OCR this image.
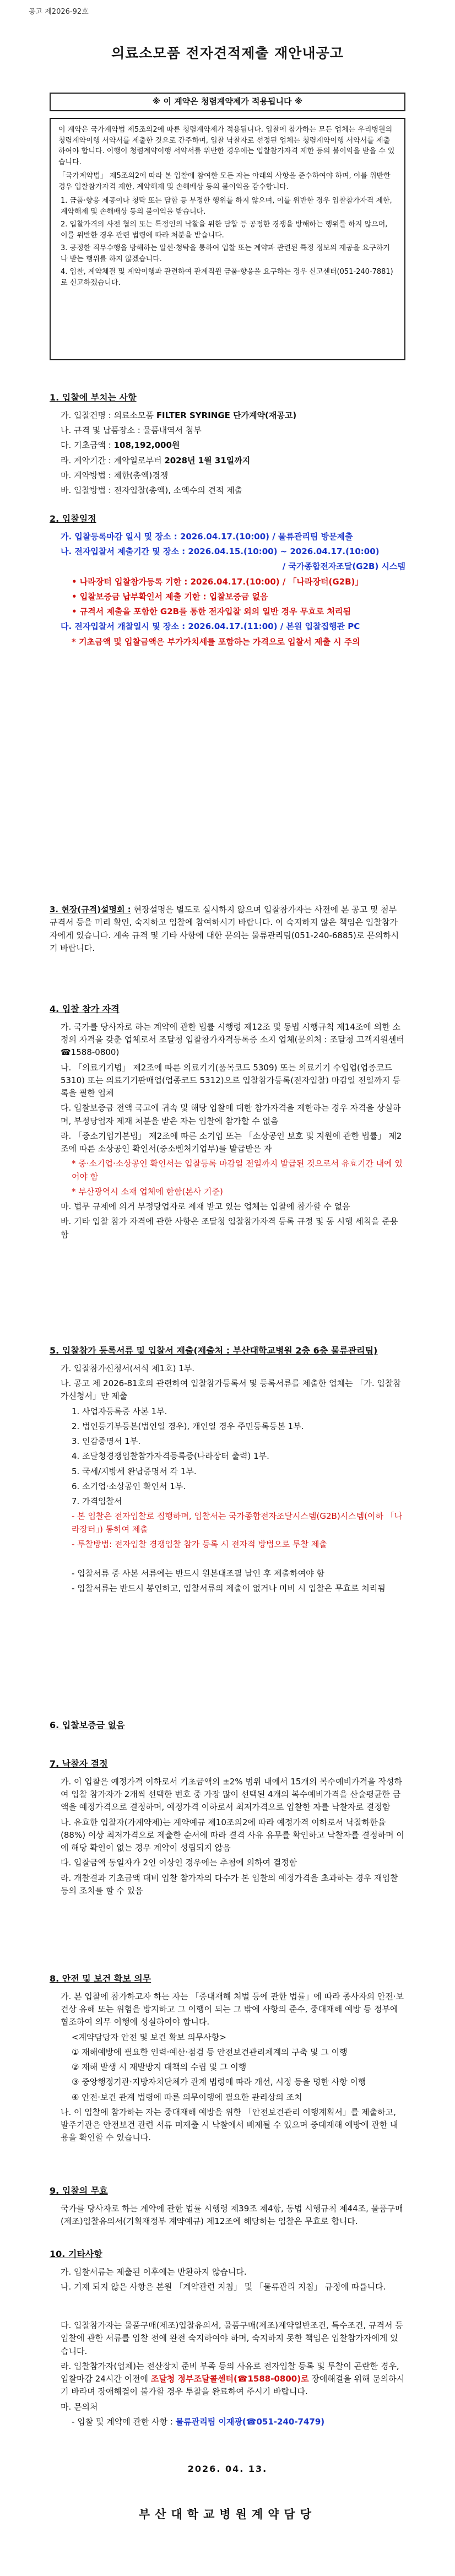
공고 제2026-92호
의료소모품 전자견적제출 재안내공고
※ 이 계약은 청렴계약제가 적용됩니다 ※

이 계약은 국가계약법 제5조의2에 따른 청렴계약제가 적용됩니다. 입찰에 참가하는 모든 업체는 우리병원의 청렴계약이행 서약서를 제출한 것으로 간주하며, 입찰 낙찰자로 선정된 업체는 청렴계약이행 서약서를 제출하여야 합니다. 이행이 청렴계약이행 서약서를 위반한 경우에는 입찰참가자격 제한 등의 불이익을 받을 수 있습니다.

「국가계약법」 제5조의2에 따라 본 입찰에 참여한 모든 자는 아래의 사항을 준수하여야 하며, 이를 위반한 경우 입찰참가자격 제한, 계약해제 및 손해배상 등의 불이익을 감수합니다.

1. 금품·향응 제공이나 청탁 또는 담합 등 부정한 행위를 하지 않으며, 이를 위반한 경우 입찰참가자격 제한, 계약해제 및 손해배상 등의 불이익을 받습니다.
2. 입찰가격의 사전 협의 또는 특정인의 낙찰을 위한 담합 등 공정한 경쟁을 방해하는 행위를 하지 않으며, 이를 위반한 경우 관련 법령에 따라 처분을 받습니다.
3. 공정한 직무수행을 방해하는 알선·청탁을 통하여 입찰 또는 계약과 관련된 특정 정보의 제공을 요구하거나 받는 행위를 하지 않겠습니다.
4. 입찰, 계약체결 및 계약이행과 관련하여 관계직원 금품·향응을 요구하는 경우 신고센터(051-240-7881)로 신고하겠습니다.
1. 입찰에 부치는 사항

가. 입찰건명 : 의료소모품 FILTER SYRINGE 단가계약(재공고)

나. 규격 및 납품장소 : 물품내역서 첨부

다. 기초금액 : 108,192,000원

라. 계약기간 : 계약일로부터 2028년 1월 31일까지

마. 계약방법 : 제한(총액)경쟁

바. 입찰방법 : 전자입찰(총액), 소액수의 견적 제출

2. 입찰일정

가. 입찰등록마감 일시 및 장소 : 2026.04.17.(10:00) / 물류관리팀 방문제출

나. 전자입찰서 제출기간 및 장소 : 2026.04.15.(10:00) ~ 2026.04.17.(10:00)

/ 국가종합전자조달(G2B) 시스템

• 나라장터 입찰참가등록 기한 : 2026.04.17.(10:00) / 「나라장터(G2B)」

• 입찰보증금 납부확인서 제출 기한 : 입찰보증금 없음

• 규격서 제출을 포함한 G2B를 통한 전자입찰 외의 일반 경우 무효로 처리됨

다. 전자입찰서 개찰일시 및 장소 : 2026.04.17.(11:00) / 본원 입찰집행관 PC

* 기초금액 및 입찰금액은 부가가치세를 포함하는 가격으로 입찰서 제출 시 주의

3. 현장(규격)설명회 : 현장설명은 별도로 실시하지 않으며 입찰참가자는 사전에 본 공고 및 첨부 규격서 등을 미리 확인, 숙지하고 입찰에 참여하시기 바랍니다. 이 숙지하지 않은 책임은 입찰참가자에게 있습니다. 계속 규격 및 기타 사항에 대한 문의는 물류관리팀(051-240-6885)로 문의하시기 바랍니다.

4. 입찰 참가 자격

가. 국가를 당사자로 하는 계약에 관한 법률 시행령 제12조 및 동법 시행규칙 제14조에 의한 소정의 자격을 갖춘 업체로서 조달청 입찰참가자격등록증 소지 업체(문의처 : 조달청 고객지원센터 ☎1588-0800)

나. 「의료기기법」 제2조에 따른 의료기기(품목코드 5309) 또는 의료기기 수입업(업종코드 5310) 또는 의료기기판매업(업종코드 5312)으로 입찰참가등록(전자입찰) 마감일 전일까지 등록을 필한 업체

다. 입찰보증금 전액 국고에 귀속 및 해당 입찰에 대한 참가자격을 제한하는 경우 자격을 상실하며, 부정당업자 제재 처분을 받은 자는 입찰에 참가할 수 없음

라. 「중소기업기본법」 제2조에 따른 소기업 또는 「소상공인 보호 및 지원에 관한 법률」 제2조에 따른 소상공인 확인서(중소벤처기업부)를 발급받은 자

* 중·소기업·소상공인 확인서는 입찰등록 마감일 전일까지 발급된 것으로서 유효기간 내에 있어야 함

* 부산광역시 소재 업체에 한함(본사 기준)

마. 법무 규제에 의거 부정당업자로 제재 받고 있는 업체는 입찰에 참가할 수 없음

바. 기타 입찰 참가 자격에 관한 사항은 조달청 입찰참가자격 등록 규정 및 동 시행 세칙을 준용함

5. 입찰참가 등록서류 및 입찰서 제출(제출처 : 부산대학교병원 2층 6층 물류관리팀)

가. 입찰참가신청서(서식 제1호) 1부.

나. 공고 제 2026-81호의 관련하여 입찰참가등록서 및 등록서류를 제출한 업체는 「가. 입찰참가신청서」만 제출

1. 사업자등록증 사본 1부.

2. 법인등기부등본(법인일 경우), 개인일 경우 주민등록등본 1부.

3. 인감증명서 1부.

4. 조달청경쟁입찰참가자격등록증(나라장터 출력) 1부.

5. 국세/지방세 완납증명서 각 1부.

6. 소기업·소상공인 확인서 1부.

7. 가격입찰서

- 본 입찰은 전자입찰로 집행하며, 입찰서는 국가종합전자조달시스템(G2B)시스템(이하 「나라장터」) 통하여 제출

- 투찰방법: 전자입찰 경쟁입찰 참가 등록 시 전자적 방법으로 투찰 제출

- 입찰서류 중 사본 서류에는 반드시 원본대조필 날인 후 제출하여야 함

- 입찰서류는 반드시 봉인하고, 입찰서류의 제출이 없거나 미비 시 입찰은 무효로 처리됨

6. 입찰보증금 없음
7. 낙찰자 결정

가. 이 입찰은 예정가격 이하로서 기초금액의 ±2% 범위 내에서 15개의 복수예비가격을 작성하여 입찰 참가자가 2개씩 선택한 번호 중 가장 많이 선택된 4개의 복수예비가격을 산술평균한 금액을 예정가격으로 결정하며, 예정가격 이하로서 최저가격으로 입찰한 자를 낙찰자로 결정함

나. 유효한 입찰자(가계약제)는 계약예규 제10조의2에 따라 예정가격 이하로서 낙찰하한율(88%) 이상 최저가격으로 제출한 순서에 따라 결격 사유 유무를 확인하고 낙찰자를 결정하며 이에 해당 확인이 없는 경우 계약이 성립되지 않음

다. 입찰금액 동일자가 2인 이상인 경우에는 추첨에 의하여 결정함

라. 개찰결과 기초금액 대비 입찰 참가자의 다수가 본 입찰의 예정가격을 초과하는 경우 재입찰 등의 조치를 할 수 있음

8. 안전 및 보건 확보 의무

가. 본 입찰에 참가하고자 하는 자는 「중대재해 처벌 등에 관한 법률」에 따라 종사자의 안전·보건상 유해 또는 위험을 방지하고 그 이행이 되는 그 밖에 사항의 준수, 중대재해 예방 등 정부에 협조하여 의무 이행에 성실하여야 합니다.

<계약담당자 안전 및 보건 확보 의무사항>

① 재해예방에 필요한 인력·예산·점검 등 안전보건관리체계의 구축 및 그 이행

② 재해 발생 시 재발방지 대책의 수립 및 그 이행

③ 중앙행정기관·지방자치단체가 관계 법령에 따라 개선, 시정 등을 명한 사항 이행

④ 안전·보건 관계 법령에 따른 의무이행에 필요한 관리상의 조치

나. 이 입찰에 참가하는 자는 중대재해 예방을 위한 「안전보건관리 이행계획서」를 제출하고, 발주기관은 안전보건 관련 서류 미제출 시 낙찰에서 배제될 수 있으며 중대재해 예방에 관한 내용을 확인할 수 있습니다.

9. 입찰의 무효

국가를 당사자로 하는 계약에 관한 법률 시행령 제39조 제4항, 동법 시행규칙 제44조, 물품구매(제조)입찰유의서(기획재정부 계약예규) 제12조에 해당하는 입찰은 무효로 합니다.

10. 기타사항

가. 입찰서류는 제출된 이후에는 반환하지 않습니다.

나. 기재 되지 않은 사항은 본원 「계약관련 지침」 및 「물류관리 지침」 규정에 따릅니다.

다. 입찰참가자는 물품구매(제조)입찰유의서, 물품구매(제조)계약일반조건, 특수조건, 규격서 등 입찰에 관한 서류를 입찰 전에 완전 숙지하여야 하며, 숙지하지 못한 책임은 입찰참가자에게 있습니다.

라. 입찰참가자(업체)는 전산장치 준비 부족 등의 사유로 전자입찰 등록 및 투찰이 곤란한 경우, 입찰마감 24시간 이전에 조달청 정부조달콜센터(☎1588-0800)로 장애해결을 위해 문의하시기 바라며 장애해결이 불가할 경우 투찰을 완료하여 주시기 바랍니다.

마. 문의처

- 입찰 및 계약에 관한 사항 : 물류관리팀 이재광(☎051-240-7479)

2026. 04. 13.
부산대학교병원계약담당
